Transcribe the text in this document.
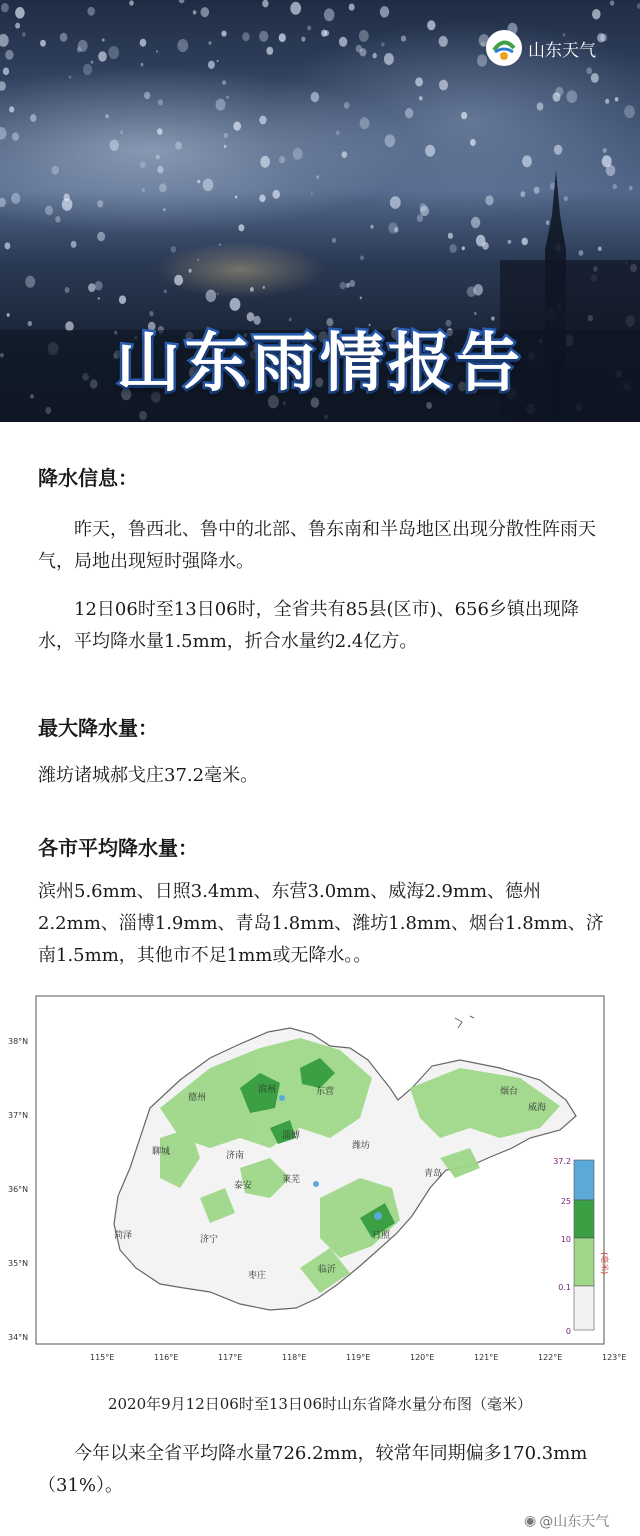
山东天气
山东雨情报告
降水信息：
昨天，鲁西北、鲁中的北部、鲁东南和半岛地区出现分散性阵雨天气，局地出现短时强降水。
12日06时至13日06时，全省共有85县(区市)、656乡镇出现降水，平均降水量1.5mm，折合水量约2.4亿方。
最大降水量：
潍坊诸城郝戈庄37.2毫米。
各市平均降水量：
滨州5.6mm、日照3.4mm、东营3.0mm、威海2.9mm、德州2.2mm、淄博1.9mm、青岛1.8mm、潍坊1.8mm、烟台1.8mm、济南1.5mm，其他市不足1mm或无降水。。
38°N
37°N
36°N
35°N
34°N
115°E	116°E	117°E	118°E	119°E	120°E	121°E	122°E	123°E
德州
滨州	东营	烟台
威海
聊城	济南
淄博
潍坊
青岛
泰安
莱芜
菏泽	济宁	日照
临沂
枣庄
37.2
25
10
0.1
0
(毫米)
2020年9月12日06时至13日06时山东省降水量分布图（毫米）
今年以来全省平均降水量726.2mm，较常年同期偏多170.3mm（31%）。
◉ @山东天气
